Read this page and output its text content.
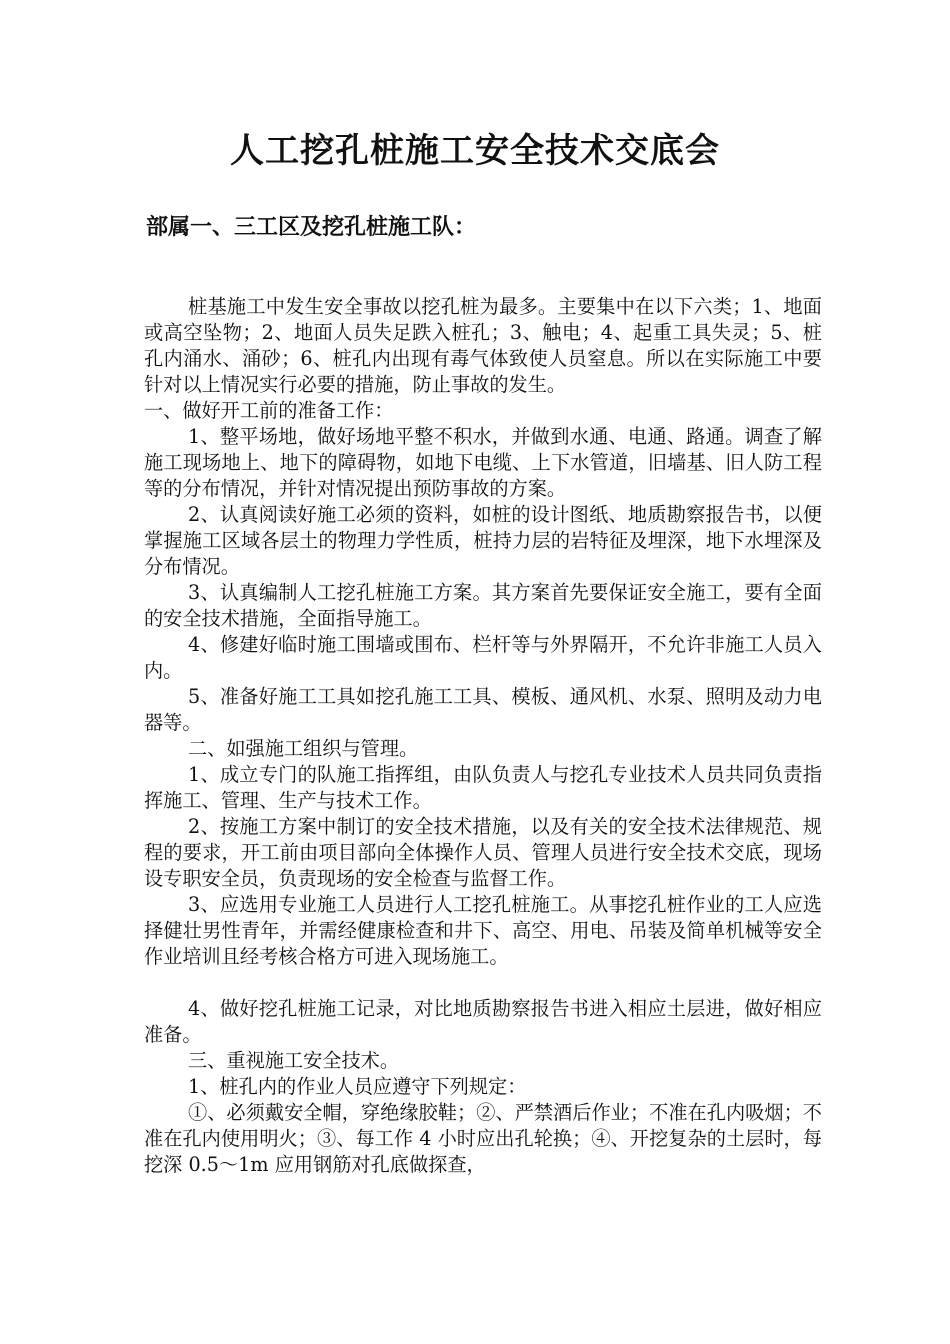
人工挖孔桩施工安全技术交底会
部属一、三工区及挖孔桩施工队：

桩基施工中发生安全事故以挖孔桩为最多。主要集中在以下六类；1、地面或高空坠物；2、地面人员失足跌入桩孔；3、触电；4、起重工具失灵；5、桩孔内涌水、涌砂；6、桩孔内出现有毒气体致使人员窒息。所以在实际施工中要针对以上情况实行必要的措施，防止事故的发生。

一、做好开工前的准备工作：

1、整平场地，做好场地平整不积水，并做到水通、电通、路通。调查了解施工现场地上、地下的障碍物，如地下电缆、上下水管道，旧墙基、旧人防工程等的分布情况，并针对情况提出预防事故的方案。

2、认真阅读好施工必须的资料，如桩的设计图纸、地质勘察报告书，以便掌握施工区域各层土的物理力学性质，桩持力层的岩特征及埋深，地下水埋深及分布情况。

3、认真编制人工挖孔桩施工方案。其方案首先要保证安全施工，要有全面的安全技术措施，全面指导施工。

4、修建好临时施工围墙或围布、栏杆等与外界隔开，不允许非施工人员入内。

5、准备好施工工具如挖孔施工工具、模板、通风机、水泵、照明及动力电器等。

二、如强施工组织与管理。

1、成立专门的队施工指挥组，由队负责人与挖孔专业技术人员共同负责指挥施工、管理、生产与技术工作。

2、按施工方案中制订的安全技术措施，以及有关的安全技术法律规范、规程的要求，开工前由项目部向全体操作人员、管理人员进行安全技术交底，现场设专职安全员，负责现场的安全检查与监督工作。

3、应选用专业施工人员进行人工挖孔桩施工。从事挖孔桩作业的工人应选择健壮男性青年，并需经健康检查和井下、高空、用电、吊装及简单机械等安全作业培训且经考核合格方可进入现场施工。

4、做好挖孔桩施工记录，对比地质勘察报告书进入相应土层进，做好相应准备。

三、重视施工安全技术。

1、桩孔内的作业人员应遵守下列规定：

①、必须戴安全帽，穿绝缘胶鞋；②、严禁酒后作业；不准在孔内吸烟；不准在孔内使用明火；③、每工作 4 小时应出孔轮换；④、开挖复杂的土层时，每挖深 0.5～1m 应用钢筋对孔底做探查，
